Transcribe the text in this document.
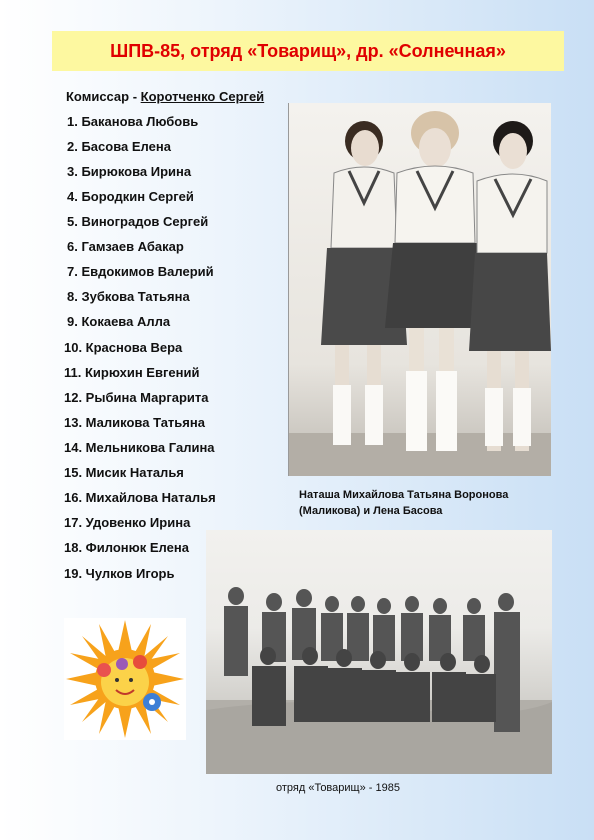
ШПВ-85, отряд «Товарищ», др. «Солнечная»
Комиссар - Коротченко Сергей
1. Баканова Любовь
2. Басова Елена
3. Бирюкова Ирина
4. Бородкин Сергей
5. Виноградов Сергей
6. Гамзаев Абакар
7. Евдокимов Валерий
8. Зубкова Татьяна
9. Кокаева Алла
10. Краснова Вера
11. Кирюхин Евгений
12. Рыбина Маргарита
13. Маликова Татьяна
14. Мельникова Галина
15. Мисик Наталья
16. Михайлова Наталья
17. Удовенко Ирина
18. Филонюк Елена
19. Чулков Игорь
Наташа Михайлова Татьяна Воронова
(Маликова) и Лена Басова
отряд «Товарищ» - 1985
